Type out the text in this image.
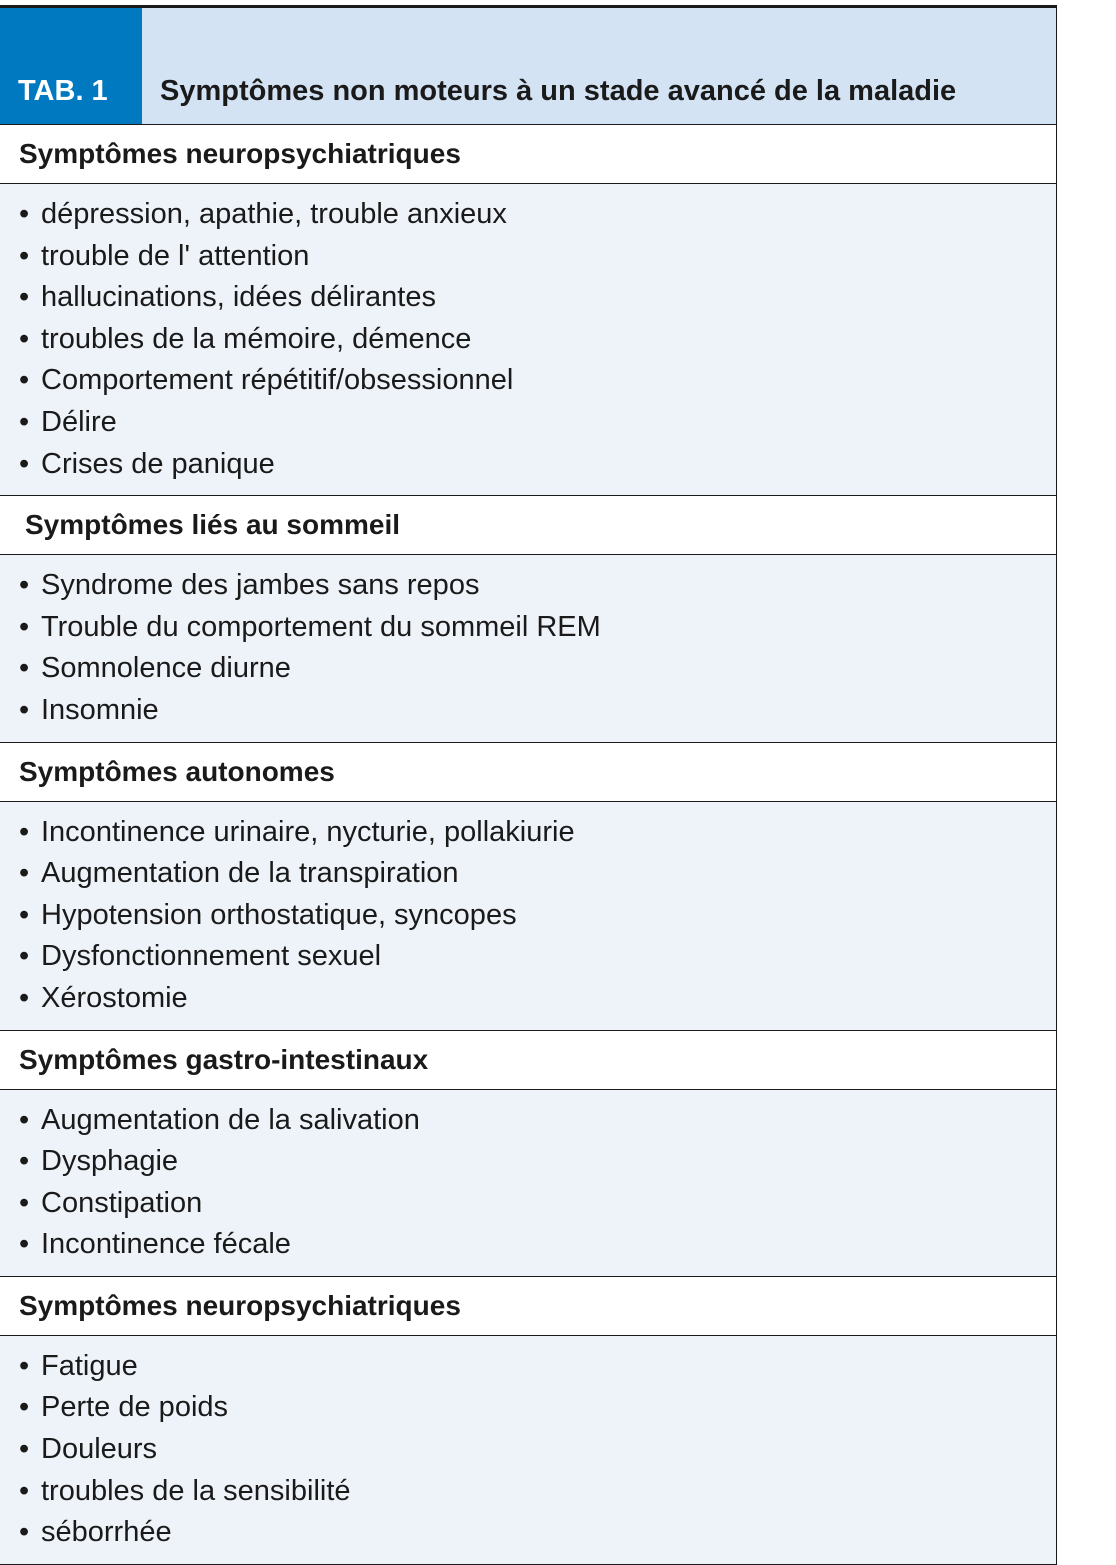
TAB. 1	Symptômes non moteurs à un stade avancé de la maladie
Symptômes neuropsychiatriques
• dépression, apathie, trouble anxieux
• trouble de l' attention
• hallucinations, idées délirantes
• troubles de la mémoire, démence
• Comportement répétitif/obsessionnel
• Délire
• Crises de panique
Symptômes liés au sommeil
• Syndrome des jambes sans repos
• Trouble du comportement du sommeil REM
• Somnolence diurne
• Insomnie
Symptômes autonomes
• Incontinence urinaire, nycturie, pollakiurie
• Augmentation de la transpiration
• Hypotension orthostatique, syncopes
• Dysfonctionnement sexuel
• Xérostomie
Symptômes gastro-intestinaux
• Augmentation de la salivation
• Dysphagie
• Constipation
• Incontinence fécale
Symptômes neuropsychiatriques
• Fatigue
• Perte de poids
• Douleurs
• troubles de la sensibilité
• séborrhée
